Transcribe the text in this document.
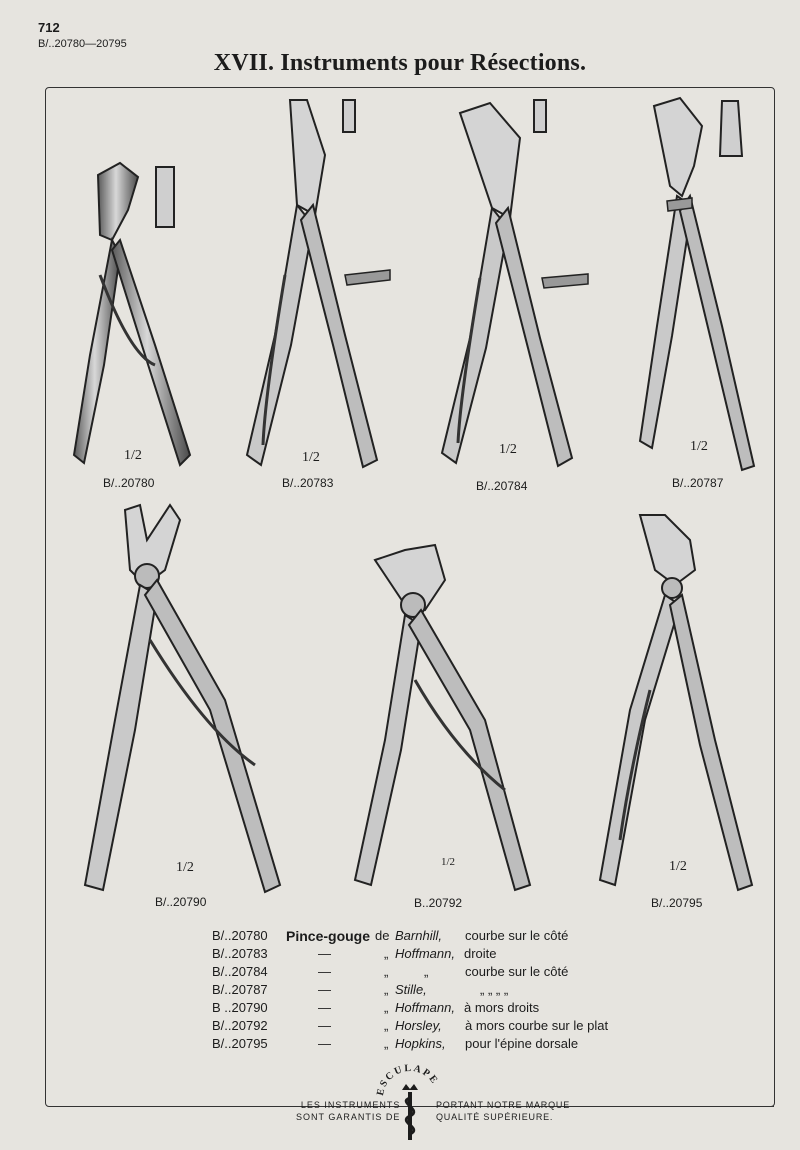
712
B/..20780—20795
XVII. Instruments pour Résections.
1/2
B/..20780
1/2
B/..20783
1/2
B/..20784
1/2
B/..20787
1/2
B/..20790
1/2
B..20792
1/2
B/..20795
B/..20780 Pince-gouge de Barnhill, courbe sur le côté
B/..20783	—	„ Hoffmann, droite
B/..20784	—	„	„	courbe sur le côté
B/..20787	—	„ Stille,	„ „ „ „
B ..20790	—	„ Hoffmann, à mors droits
B/..20792	—	„ Horsley, à mors courbe sur le plat
B/..20795	—	„ Hopkins, pour l'épine dorsale
LES INSTRUMENTS
SONT GARANTIS DE
PORTANT NOTRE MARQUE
QUALITÉ SUPÉRIEURE.
ESCULAPE
